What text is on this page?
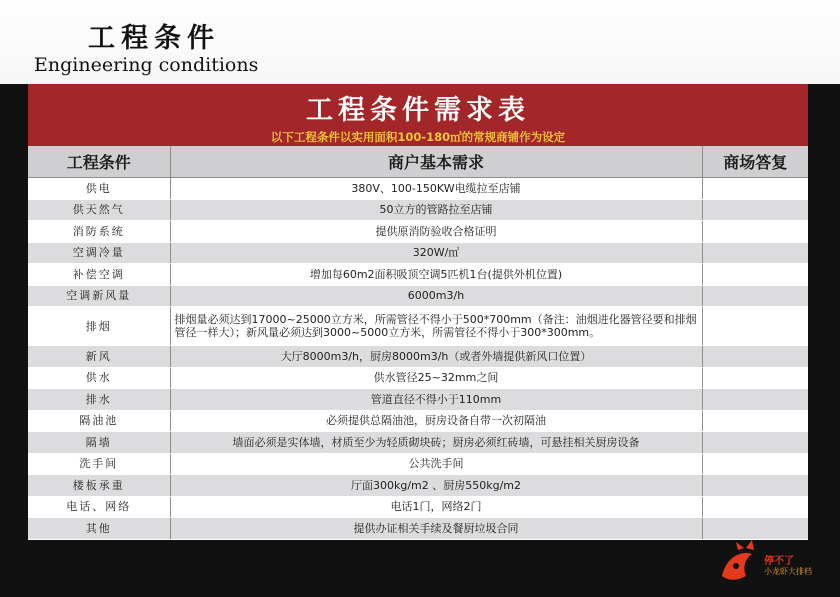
工程条件
Engineering conditions
工程条件需求表
以下工程条件以实用面积100-180㎡的常规商铺作为设定
工程条件	商户基本需求	商场答复
供电	380V、100-150KW电缆拉至店铺	
供天然气	50立方的管路拉至店铺	
消防系统	提供原消防验收合格证明	
空调冷量	320W/㎡	
补偿空调	增加每60m2面积吸顶空调5匹机1台(提供外机位置)	
空调新风量	6000m3/h	
排烟	排烟量必须达到17000~25000立方米，所需管径不得小于500*700mm（备注：油烟进化器管径要和排烟管径一样大）；新风量必须达到3000~5000立方米，所需管径不得小于300*300mm。	
新风	大厅8000m3/h，厨房8000m3/h（或者外墙提供新风口位置）	
供水	供水管径25~32mm之间	
排水	管道直径不得小于110mm	
隔油池	必须提供总隔油池，厨房设备自带一次初隔油	
隔墙	墙面必须是实体墙，材质至少为轻质砌块砖；厨房必须红砖墙，可悬挂相关厨房设备	
洗手间	公共洗手间	
楼板承重	厅面300kg/m2 、厨房550kg/m2	
电话、网络	电话1门，网络2门	
其他	提供办证相关手续及餐厨垃圾合同	
停不了
小龙虾大排档
